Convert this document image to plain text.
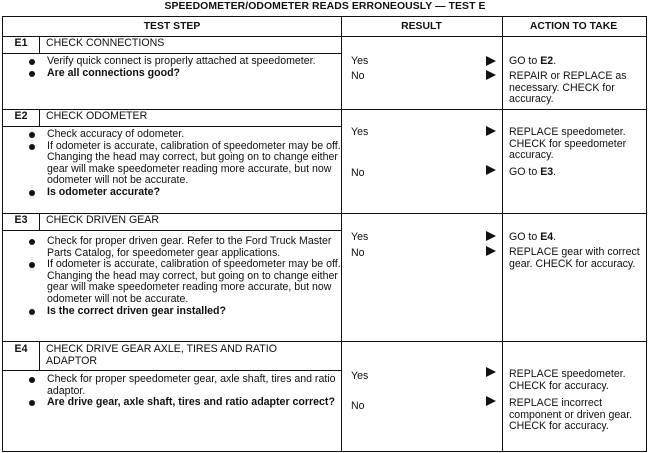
SPEEDOMETER/ODOMETER READS ERRONEOUSLY — TEST E
TEST STEP	RESULT	ACTION TO TAKE
E1	CHECK CONNECTIONS
Verify quick connect is properly attached at speedometer.
Are all connections good?
Yes	GO to E2.
No	REPAIR or REPLACE as necessary. CHECK for accuracy.
E2	CHECK ODOMETER
Check accuracy of odometer.
If odometer is accurate, calibration of speedometer may be off. Changing the head may correct, but going on to change either gear will make speedometer reading more accurate, but now odometer will not be accurate.
Is odometer accurate?
Yes	REPLACE speedometer. CHECK for speedometer accuracy.
No	GO to E3.
E3	CHECK DRIVEN GEAR
Check for proper driven gear. Refer to the Ford Truck Master Parts Catalog, for speedometer gear applications.
If odometer is accurate, calibration of speedometer may be off. Changing the head may correct, but going on to change either gear will make speedometer reading more accurate, but now odometer will not be accurate.
Is the correct driven gear installed?
Yes	GO to E4.
No	REPLACE gear with correct gear. CHECK for accuracy.
E4	CHECK DRIVE GEAR AXLE, TIRES AND RATIO ADAPTOR
Check for proper speedometer gear, axle shaft, tires and ratio adaptor.
Are drive gear, axle shaft, tires and ratio adapter correct?
Yes	REPLACE speedometer. CHECK for accuracy.
No	REPLACE incorrect component or driven gear. CHECK for accuracy.
